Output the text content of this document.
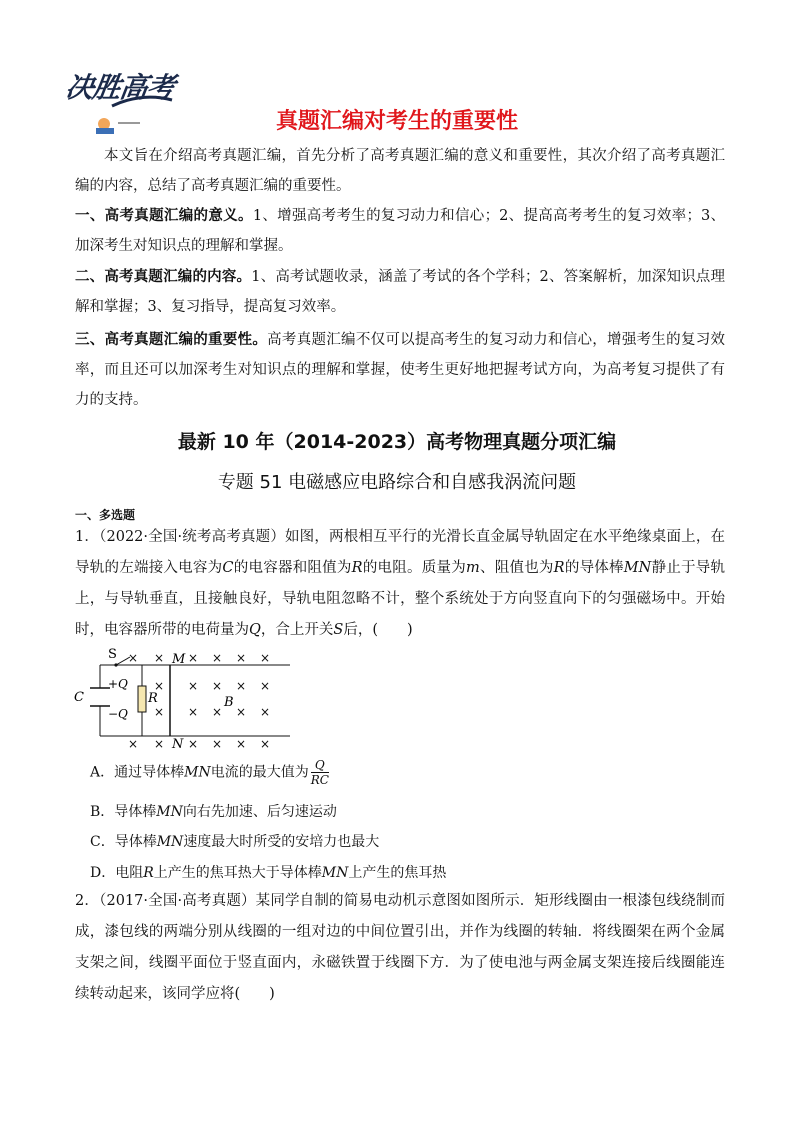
决胜高考
真题汇编对考生的重要性
本文旨在介绍高考真题汇编，首先分析了高考真题汇编的意义和重要性，其次介绍了高考真题汇编的内容，总结了高考真题汇编的重要性。
一、高考真题汇编的意义。1、增强高考考生的复习动力和信心；2、提高高考考生的复习效率；3、加深考生对知识点的理解和掌握。
二、高考真题汇编的内容。1、高考试题收录，涵盖了考试的各个学科；2、答案解析，加深知识点理解和掌握；3、复习指导，提高复习效率。
三、高考真题汇编的重要性。高考真题汇编不仅可以提高考生的复习动力和信心，增强考生的复习效率，而且还可以加深考生对知识点的理解和掌握，使考生更好地把握考试方向，为高考复习提供了有力的支持。
最新 10 年（2014-2023）高考物理真题分项汇编
专题 51 电磁感应电路综合和自感我涡流问题
一、多选题
1．（2022·全国·统考高考真题）如图，两根相互平行的光滑长直金属导轨固定在水平绝缘桌面上，在导轨的左端接入电容为C的电容器和阻值为R的电阻。质量为m、阻值也为R的导体棒MN静止于导轨上，与导轨垂直，且接触良好，导轨电阻忽略不计，整个系统处于方向竖直向下的匀强磁场中。开始时，电容器所带的电荷量为Q，合上开关S后，(　　)
S
+Q
−Q
C	R
M
N
B
× × × × × ×
× × × × ×
× × × × ×
× × × × × ×
A．通过导体棒MN电流的最大值为 $\frac{Q}{RC}$
B．导体棒MN向右先加速、后匀速运动
C．导体棒MN速度最大时所受的安培力也最大
D．电阻R上产生的焦耳热大于导体棒MN上产生的焦耳热
2．（2017·全国·高考真题）某同学自制的简易电动机示意图如图所示．矩形线圈由一根漆包线绕制而成，漆包线的两端分别从线圈的一组对边的中间位置引出，并作为线圈的转轴．将线圈架在两个金属支架之间，线圈平面位于竖直面内，永磁铁置于线圈下方．为了使电池与两金属支架连接后线圈能连续转动起来，该同学应将(　　)
